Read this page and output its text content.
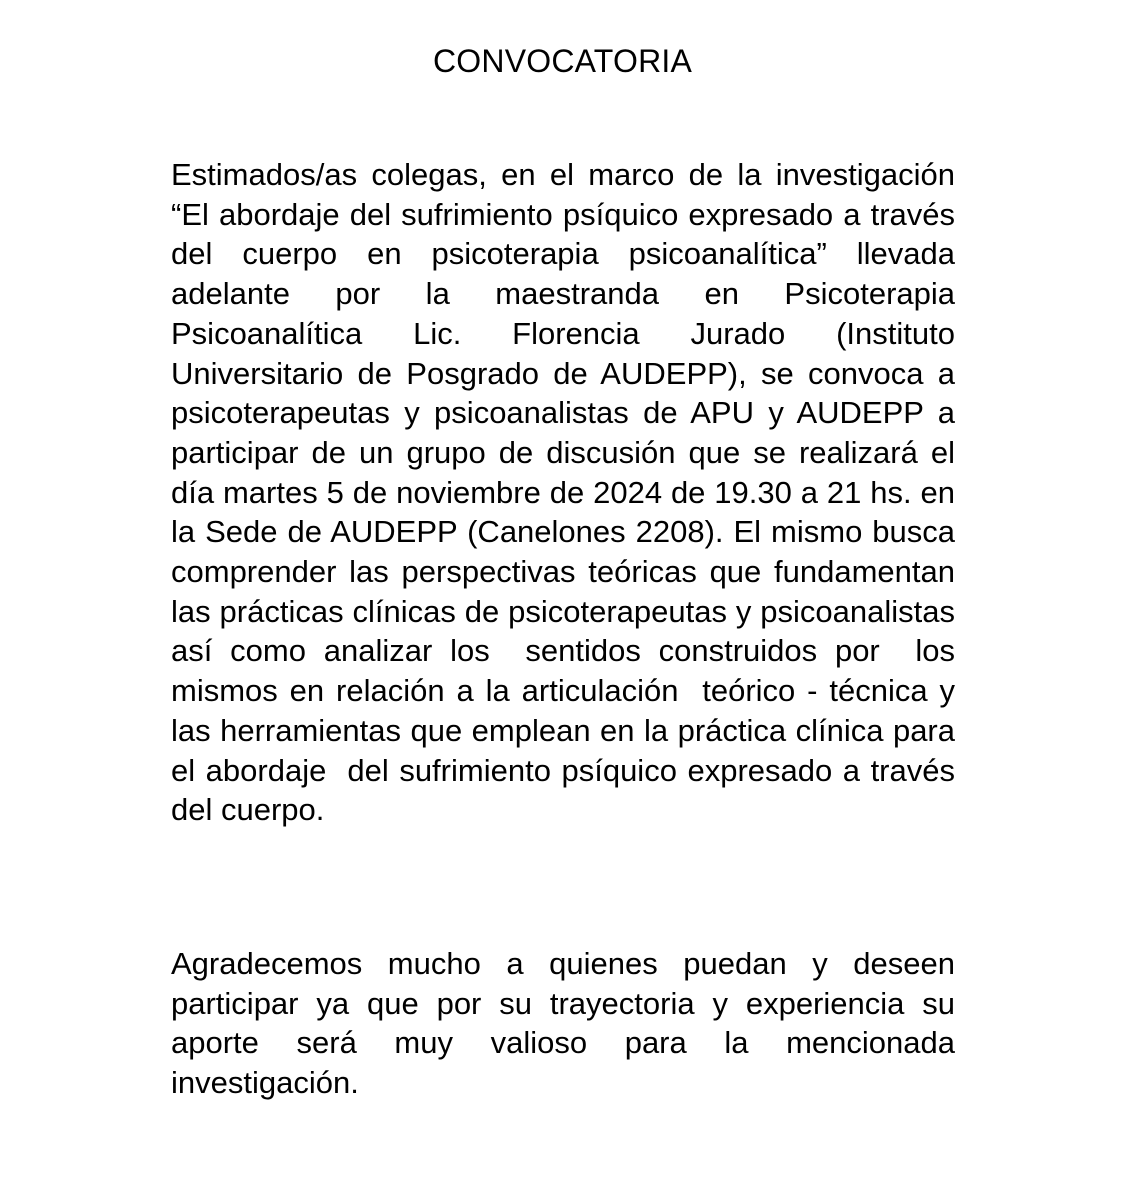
CONVOCATORIA
Estimados/as colegas, en el marco de la investigación  “El abordaje del sufrimiento psíquico expresado a través del cuerpo en psicoterapia psicoanalítica” llevada adelante por la maestranda en Psicoterapia Psicoanalítica Lic. Florencia Jurado (Instituto Universitario de Posgrado de AUDEPP), se convoca a psicoterapeutas y psicoanalistas de APU y AUDEPP a participar de un grupo de discusión que se realizará el día martes 5 de noviembre de 2024 de 19.30 a 21 hs. en la Sede de AUDEPP (Canelones 2208). El mismo busca comprender las perspectivas teóricas que fundamentan las prácticas clínicas de psicoterapeutas y psicoanalistas así como analizar los  sentidos construidos por  los mismos en relación a la articulación  teórico - técnica y las herramientas que emplean en la práctica clínica para el abordaje  del sufrimiento psíquico expresado a través del cuerpo.
Agradecemos mucho a quienes puedan y deseen participar ya que por su trayectoria y experiencia su aporte será muy valioso para la mencionada investigación.
